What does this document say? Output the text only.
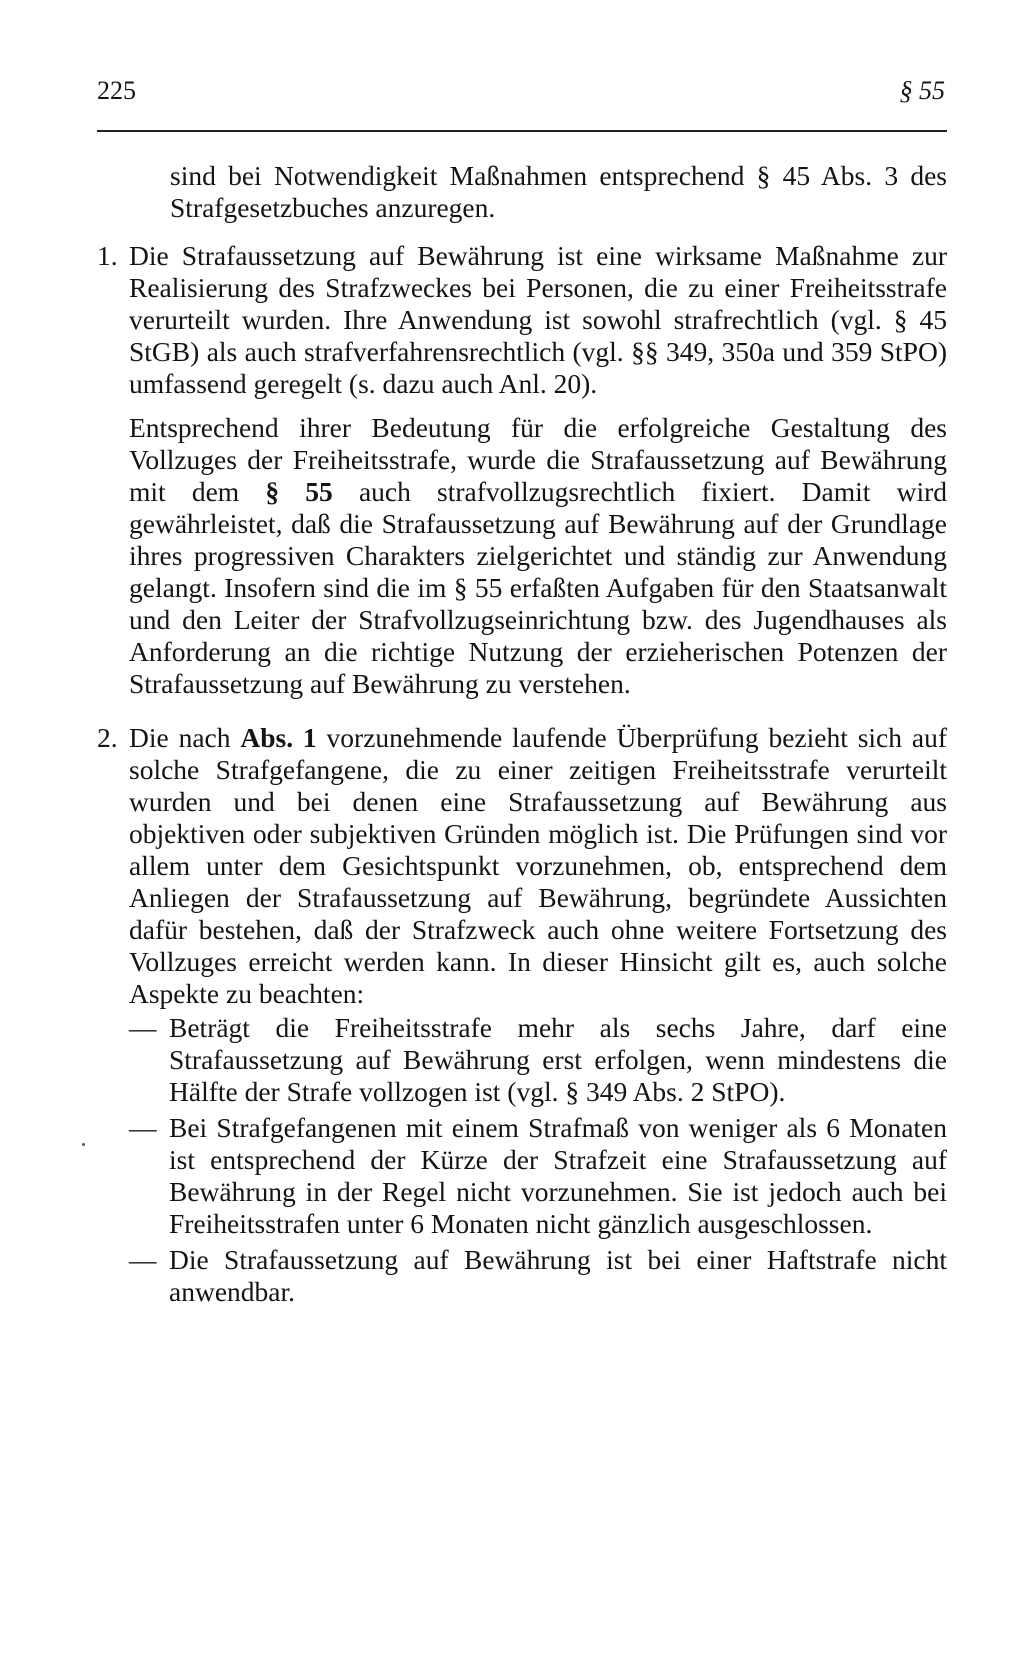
225	§ 55

sind bei Notwendigkeit Maßnahmen entsprechend § 45 Abs. 3 des Strafgesetzbuches anzuregen.

1. Die Strafaussetzung auf Bewährung ist eine wirksame Maßnahme zur Realisierung des Strafzweckes bei Personen, die zu einer Freiheitsstrafe verurteilt wurden. Ihre Anwendung ist sowohl strafrechtlich (vgl. § 45 StGB) als auch strafverfahrensrechtlich (vgl. §§ 349, 350a und 359 StPO) umfassend geregelt (s. dazu auch Anl. 20).

Entsprechend ihrer Bedeutung für die erfolgreiche Gestaltung des Vollzuges der Freiheitsstrafe, wurde die Strafaussetzung auf Bewährung mit dem § 55 auch strafvollzugsrechtlich fixiert. Damit wird gewährleistet, daß die Strafaussetzung auf Bewährung auf der Grundlage ihres progressiven Charakters zielgerichtet und ständig zur Anwendung gelangt. Insofern sind die im § 55 erfaßten Aufgaben für den Staatsanwalt und den Leiter der Strafvollzugseinrichtung bzw. des Jugendhauses als Anforderung an die richtige Nutzung der erzieherischen Potenzen der Strafaussetzung auf Bewährung zu verstehen.

2. Die nach Abs. 1 vorzunehmende laufende Überprüfung bezieht sich auf solche Strafgefangene, die zu einer zeitigen Freiheitsstrafe verurteilt wurden und bei denen eine Strafaussetzung auf Bewährung aus objektiven oder subjektiven Gründen möglich ist. Die Prüfungen sind vor allem unter dem Gesichtspunkt vorzunehmen, ob, entsprechend dem Anliegen der Strafaussetzung auf Bewährung, begründete Aussichten dafür bestehen, daß der Strafzweck auch ohne weitere Fortsetzung des Vollzuges erreicht werden kann. In dieser Hinsicht gilt es, auch solche Aspekte zu beachten:

— Beträgt die Freiheitsstrafe mehr als sechs Jahre, darf eine Strafaussetzung auf Bewährung erst erfolgen, wenn mindestens die Hälfte der Strafe vollzogen ist (vgl. § 349 Abs. 2 StPO).
— Bei Strafgefangenen mit einem Strafmaß von weniger als 6 Monaten ist entsprechend der Kürze der Strafzeit eine Strafaussetzung auf Bewährung in der Regel nicht vorzunehmen. Sie ist jedoch auch bei Freiheitsstrafen unter 6 Monaten nicht gänzlich ausgeschlossen.
— Die Strafaussetzung auf Bewährung ist bei einer Haftstrafe nicht anwendbar.
